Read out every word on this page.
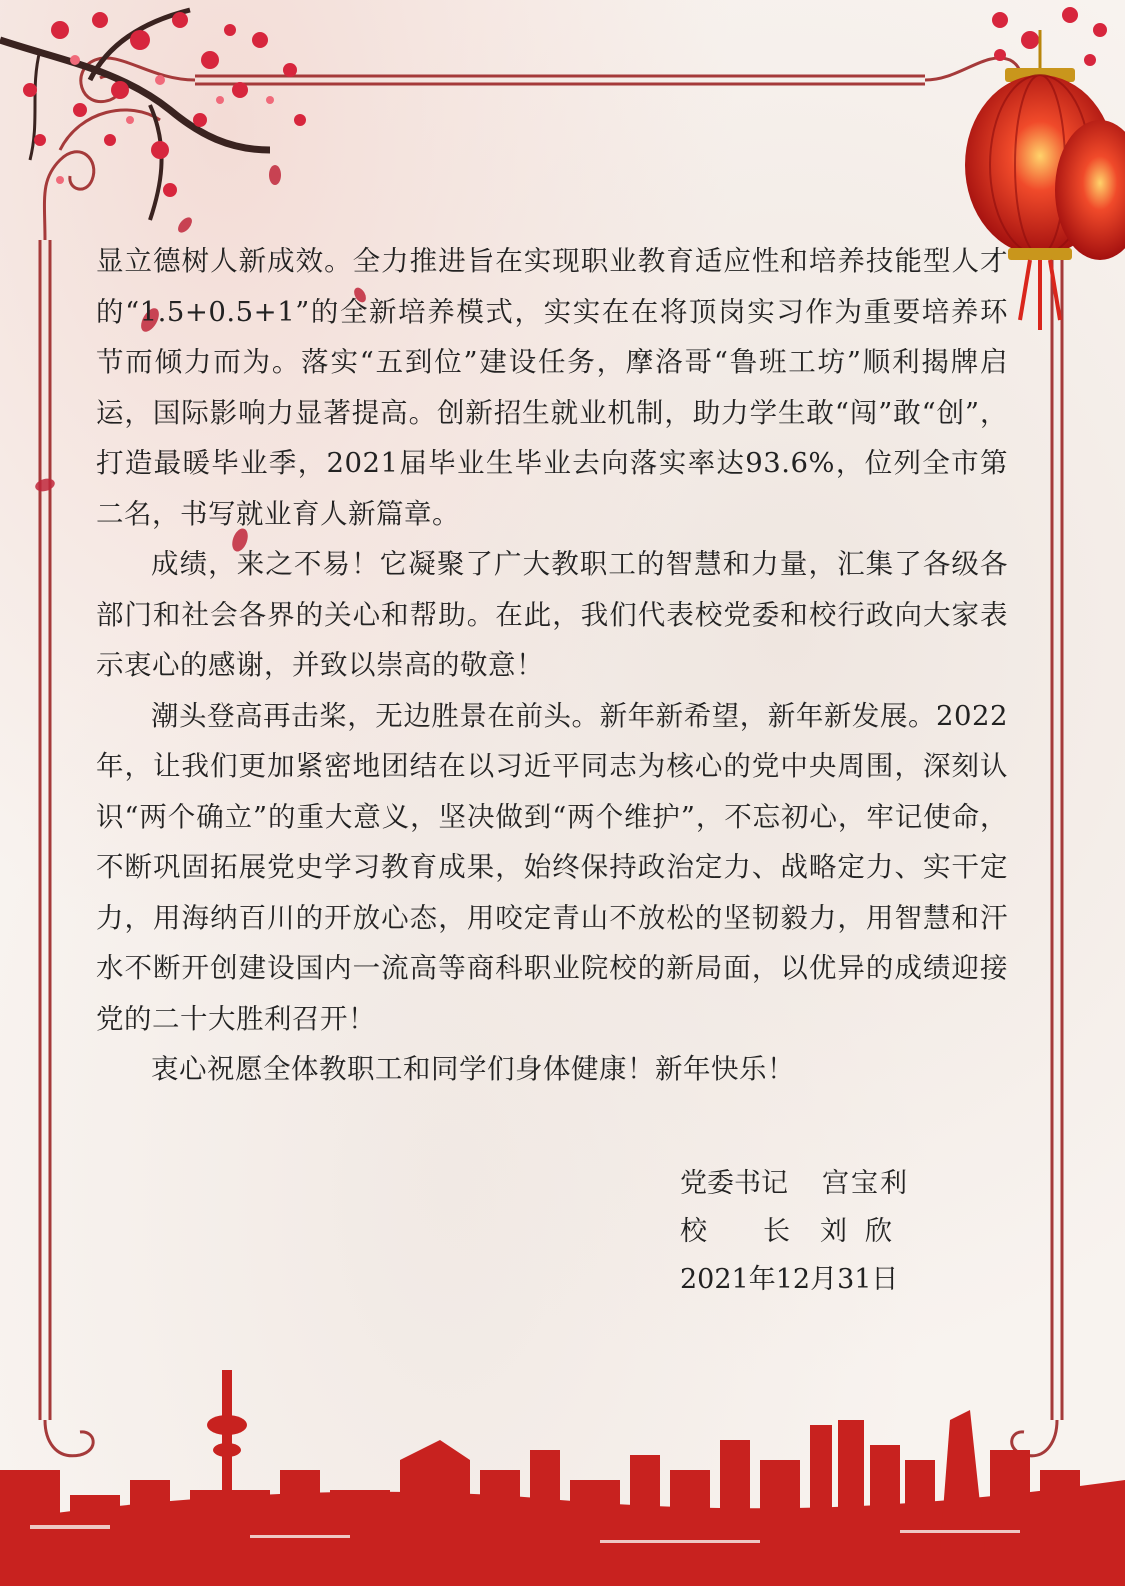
显立德树人新成效。全力推进旨在实现职业教育适应性和培养技能型人才的“1.5+0.5+1”的全新培养模式，实实在在将顶岗实习作为重要培养环节而倾力而为。落实“五到位”建设任务，摩洛哥“鲁班工坊”顺利揭牌启运，国际影响力显著提高。创新招生就业机制，助力学生敢“闯”敢“创”，打造最暖毕业季，2021届毕业生毕业去向落实率达93.6%，位列全市第二名，书写就业育人新篇章。

成绩，来之不易！它凝聚了广大教职工的智慧和力量，汇集了各级各部门和社会各界的关心和帮助。在此，我们代表校党委和校行政向大家表示衷心的感谢，并致以崇高的敬意！

潮头登高再击桨，无边胜景在前头。新年新希望，新年新发展。2022年，让我们更加紧密地团结在以习近平同志为核心的党中央周围，深刻认识“两个确立”的重大意义，坚决做到“两个维护”，不忘初心，牢记使命，不断巩固拓展党史学习教育成果，始终保持政治定力、战略定力、实干定力，用海纳百川的开放心态，用咬定青山不放松的坚韧毅力，用智慧和汗水不断开创建设国内一流高等商科职业院校的新局面，以优异的成绩迎接党的二十大胜利召开！

衷心祝愿全体教职工和同学们身体健康！新年快乐！

党委书记 宫宝利
校 长 刘欣
2021年12月31日
